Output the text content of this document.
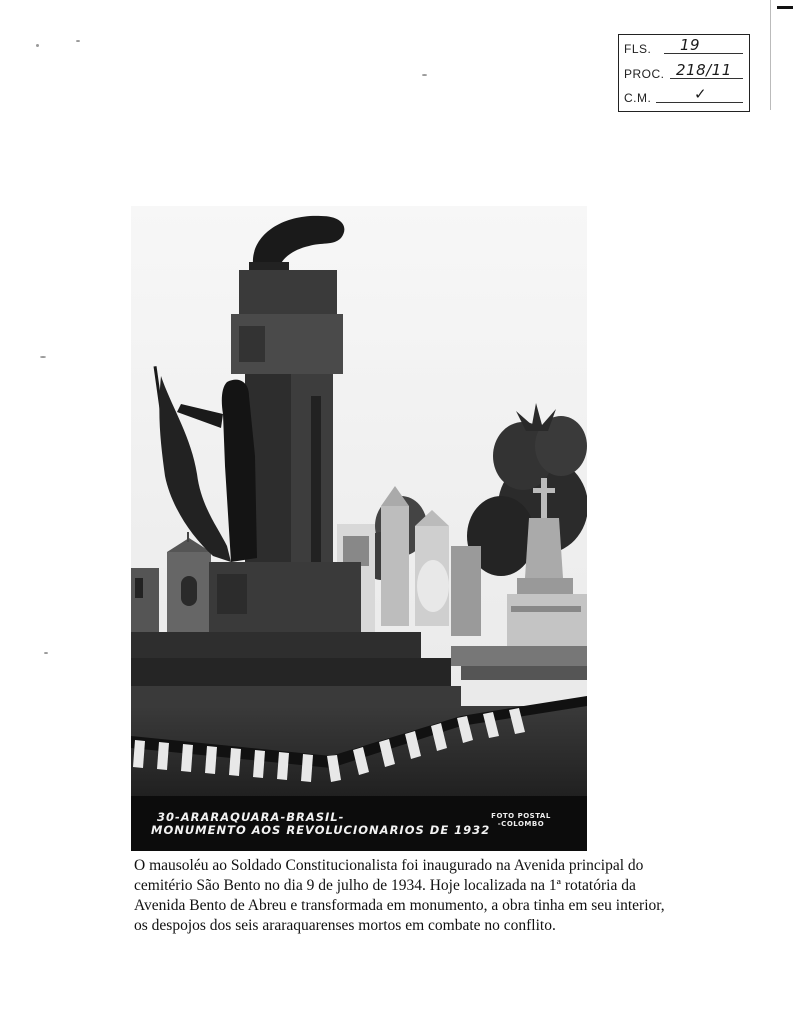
FLS. 19
PROC. 218/11
C.M.	✓
30-ARARAQUARA-BRASIL-
MONUMENTO AOS REVOLUCIONARIOS DE 1932
FOTO POSTAL
-COLOMBO

O mausoléu ao Soldado Constitucionalista foi inaugurado na Avenida principal do

cemitério São Bento no dia 9 de julho de 1934. Hoje localizada na 1ª rotatória da

Avenida Bento de Abreu e transformada em monumento, a obra tinha em seu interior,

os despojos dos seis araraquarenses mortos em combate no conflito.
